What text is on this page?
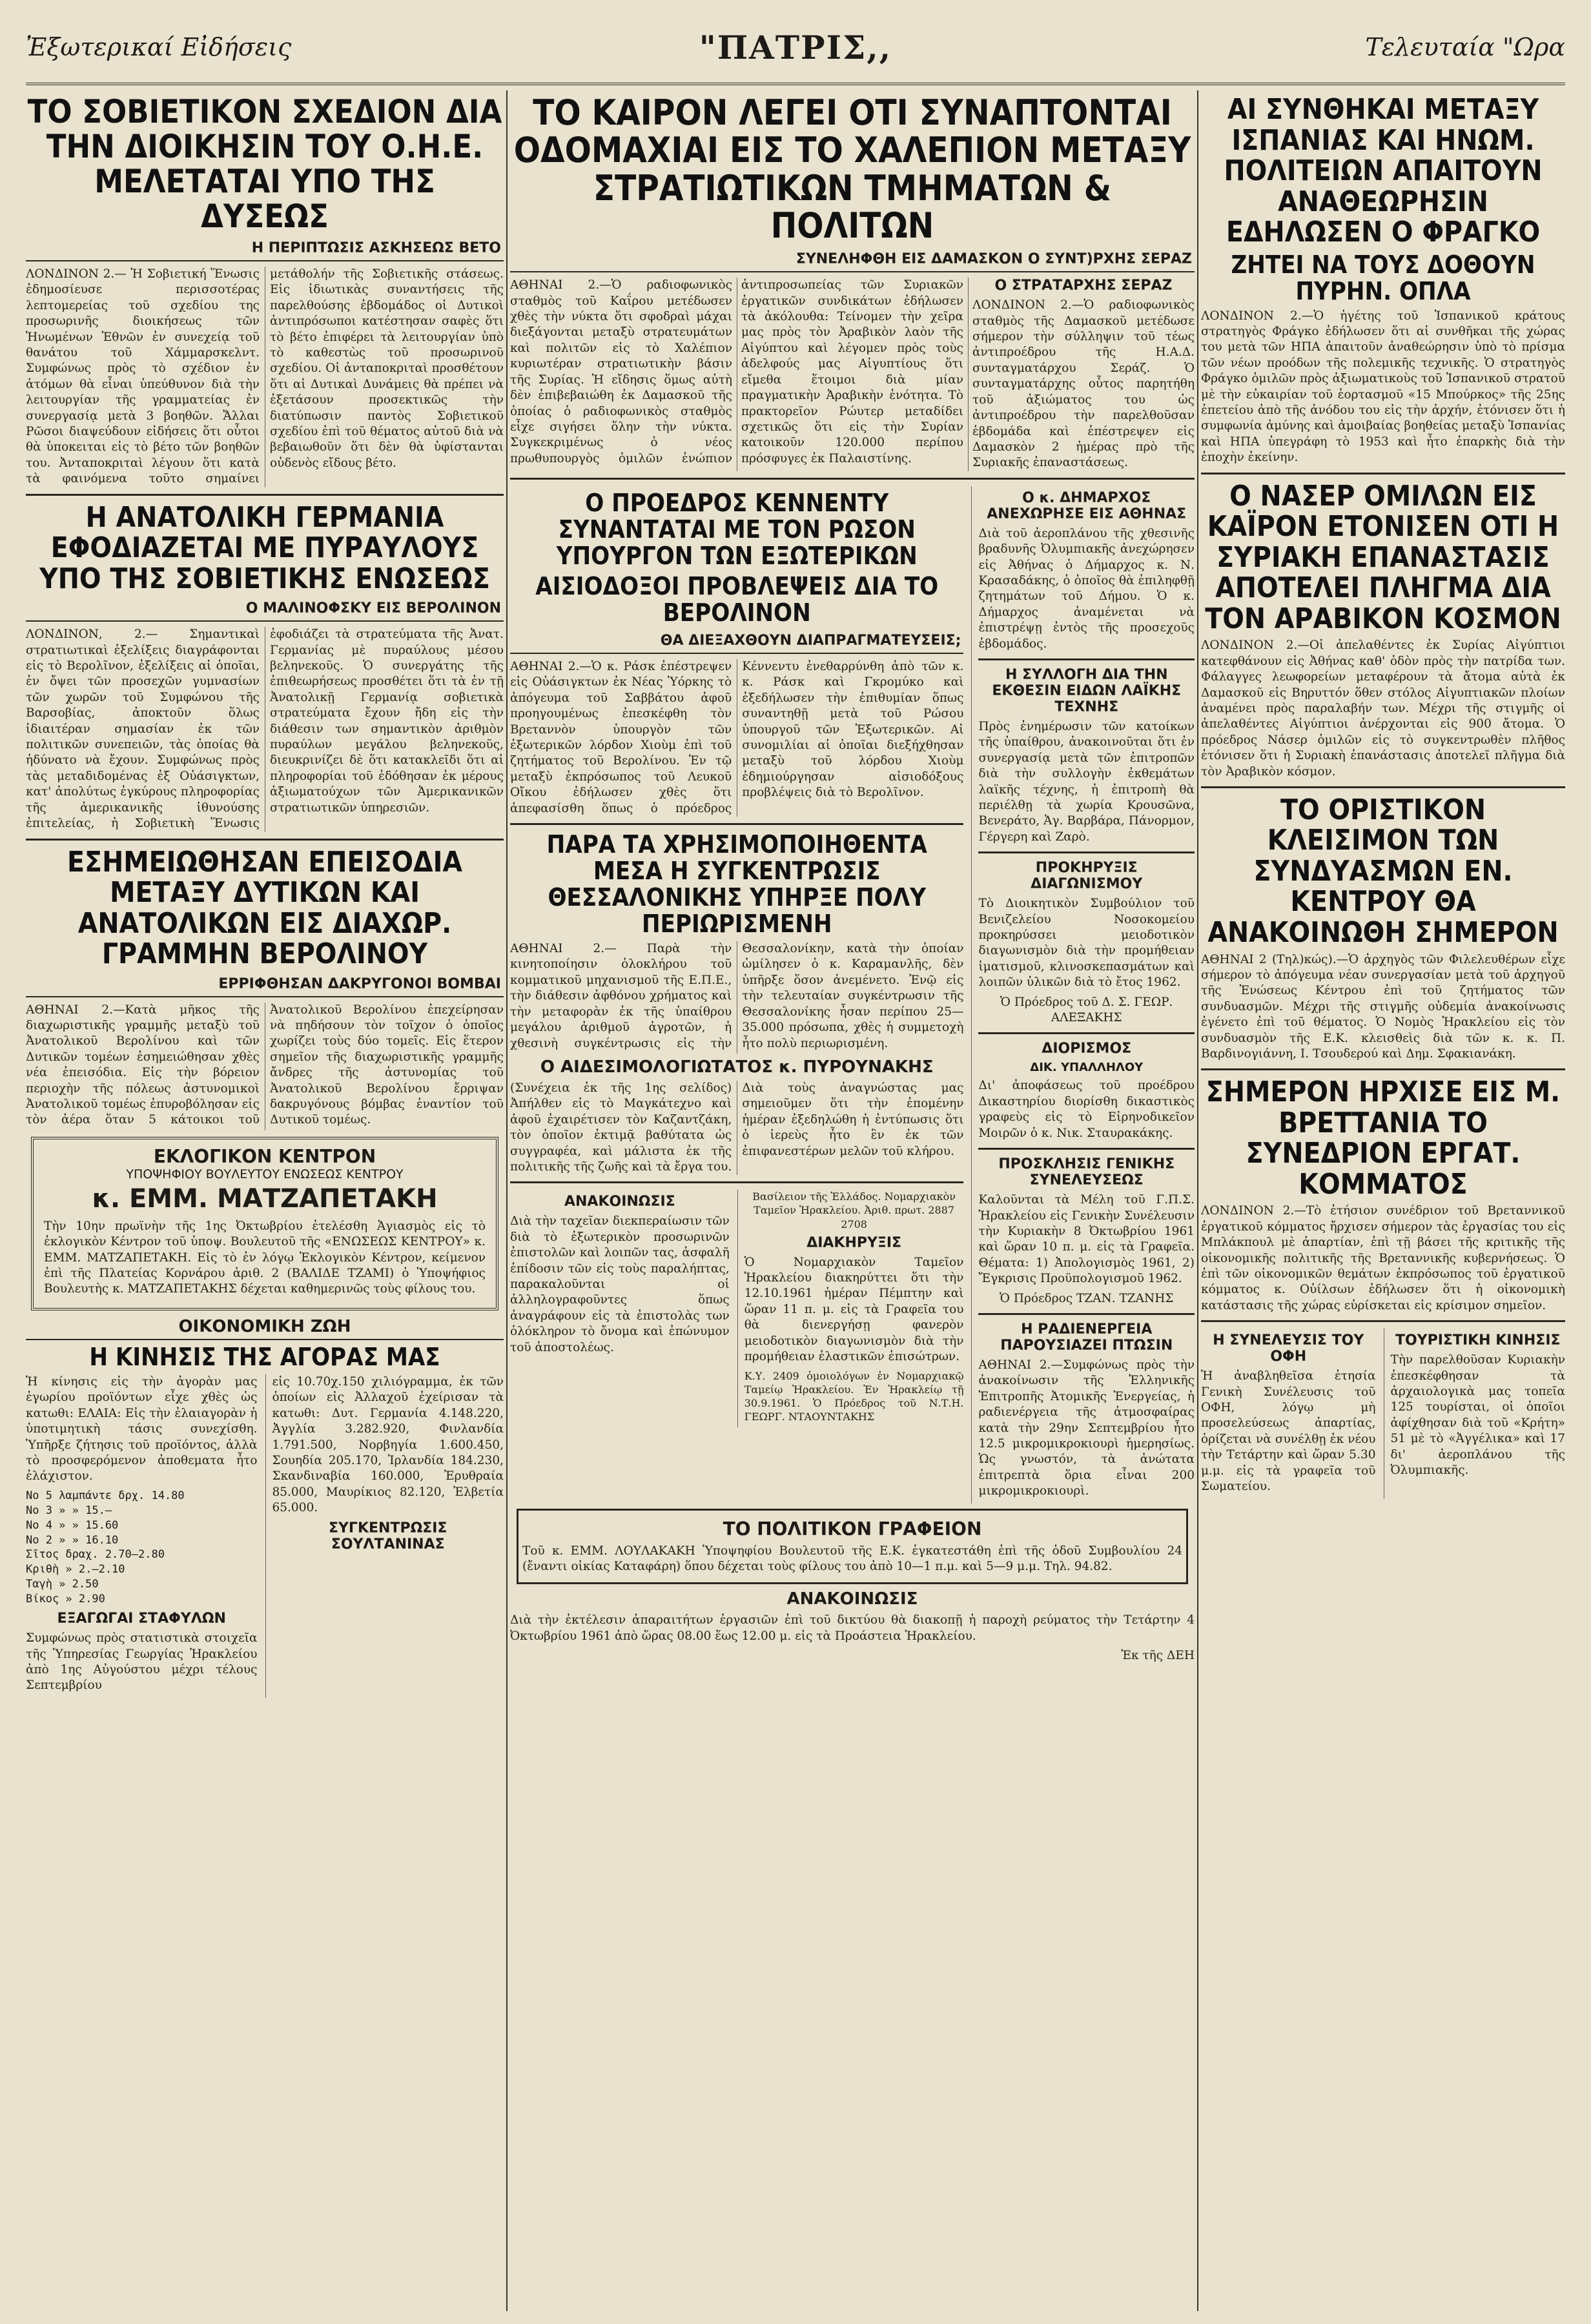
Ἐξωτερικαί Εἰδήσεις	"ΠΑΤΡΙΣ,,	Τελευταία "Ωρα
ΤΟ ΣΟΒΙΕΤΙΚΟΝ ΣΧΕΔΙΟΝ ΔΙΑ ΤΗΝ ΔΙΟΙΚΗΣΙΝ ΤΟΥ Ο.Η.Ε. ΜΕΛΕΤΑΤΑΙ ΥΠΟ ΤΗΣ ΔΥΣΕΩΣ
Η ΠΕΡΙΠΤΩΣΙΣ ΑΣΚΗΣΕΩΣ ΒΕΤΟ

ΛΟΝΔΙΝΟΝ 2.— Ἡ Σοβιετική Ἕνωσις ἐδημοσίευσε περισσοτέρας λεπτομερείας τοῦ σχεδίου της προσωρινῆς διοικήσεως τῶν Ἡνωμένων Ἐθνῶν ἐν συνεχείᾳ τοῦ θανάτου τοῦ Χάμμαρσκελντ. Συμφώνως πρὸς τὸ σχέδιον ἐν ἀτόμων θὰ εἶναι ὑπεύθυνον διὰ τὴν λειτουργίαν τῆς γραμματείας ἐν συνεργασίᾳ μετὰ 3 βοηθῶν. Ἄλλαι Ρῶσοι διαψεύδουν εἰδήσεις ὅτι οὗτοι θὰ ὑποκειται εἰς τὸ βέτο τῶν βοηθῶν του. Ἀνταποκριταὶ λέγουν ὅτι κατὰ τὰ φαινόμενα τοῦτο σημαίνει μετάθολήν τῆς Σοβιετικῆς στάσεως. Εἰς ἰδιωτικὰς συναντήσεις τῆς παρελθούσης ἑβδομάδος οἱ Δυτικοὶ ἀντιπρόσωποι κατέστησαν σαφὲς ὅτι τὸ βέτο ἐπιφέρει τὰ λειτουργίαν ὑπὸ τὸ καθεστὼς τοῦ προσωρινοῦ σχεδίου. Οἱ ἀνταποκριταὶ προσθέτουν ὅτι αἱ Δυτικαὶ Δυνάμεις θὰ πρέπει νὰ ἐξετάσουν προσεκτικῶς τὴν διατύπωσιν παντὸς Σοβιετικοῦ σχεδίου ἐπὶ τοῦ θέματος αὐτοῦ διὰ νὰ βεβαιωθοῦν ὅτι δὲν θὰ ὑφίστανται οὐδενὸς εἴδους βέτο.

Η ΑΝΑΤΟΛΙΚΗ ΓΕΡΜΑΝΙΑ ΕΦΟΔΙΑΖΕΤΑΙ ΜΕ ΠΥΡΑΥΛΟΥΣ ΥΠΟ ΤΗΣ ΣΟΒΙΕΤΙΚΗΣ ΕΝΩΣΕΩΣ
Ο ΜΑΛΙΝΟΦΣΚΥ ΕΙΣ ΒΕΡΟΛΙΝΟΝ

ΛΟΝΔΙΝΟΝ, 2.— Σημαντικαὶ στρατιωτικαὶ ἐξελίξεις διαγράφονται εἰς τὸ Βερολῖνον, ἐξελίξεις αἱ ὁποῖαι, ἐν ὄψει τῶν προσεχῶν γυμνασίων τῶν χωρῶν τοῦ Συμφώνου τῆς Βαρσοβίας, ἀποκτοῦν ὅλως ἰδιαιτέραν σημασίαν ἐκ τῶν πολιτικῶν συνεπειῶν, τὰς ὁποίας θὰ ἠδύνατο νὰ ἔχουν. Συμφώνως πρὸς τὰς μεταδιδομένας ἐξ Οὐάσιγκτων, κατ' ἀπολύτως ἐγκύρους πληροφορίας τῆς ἀμερικανικῆς ἱθυνούσης ἐπιτελείας, ἡ Σοβιετικὴ Ἕνωσις ἐφοδιάζει τὰ στρατεύματα τῆς Ἀνατ. Γερμανίας μὲ πυραύλους μέσου βεληνεκοῦς. Ὁ συνεργάτης τῆς ἐπιθεωρήσεως προσθέτει ὅτι τὰ ἐν τῇ Ἀνατολικῇ Γερμανίᾳ σοβιετικὰ στρατεύματα ἔχουν ἤδη εἰς τὴν διάθεσιν των σημαντικὸν ἀριθμὸν πυραύλων μεγάλου βεληνεκοῦς, διευκρινίζει δὲ ὅτι κατακλεῖδι ὅτι αἱ πληροφορίαι τοῦ ἐδόθησαν ἐκ μέρους ἀξιωματούχων τῶν Ἀμερικανικῶν στρατιωτικῶν ὑπηρεσιῶν.

ΕΣΗΜΕΙΩΘΗΣΑΝ ΕΠΕΙΣΟΔΙΑ ΜΕΤΑΞΥ ΔΥΤΙΚΩΝ ΚΑΙ ΑΝΑΤΟΛΙΚΩΝ ΕΙΣ ΔΙΑΧΩΡ. ΓΡΑΜΜΗΝ ΒΕΡΟΛΙΝΟΥ
ΕΡΡΙΦΘΗΣΑΝ ΔΑΚΡΥΓΟΝΟΙ ΒΟΜΒΑΙ

ΑΘΗΝΑΙ 2.—Κατὰ μῆκος τῆς διαχωριστικῆς γραμμῆς μεταξὺ τοῦ Ἀνατολικοῦ Βερολίνου καὶ τῶν Δυτικῶν τομέων ἐσημειώθησαν χθὲς νέα ἐπεισόδια. Εἰς τὴν βόρειον περιοχὴν τῆς πόλεως ἀστυνομικοὶ Ἀνατολικοῦ τομέως ἐπυροβόλησαν εἰς τὸν ἀέρα ὅταν 5 κάτοικοι τοῦ Ἀνατολικοῦ Βερολίνου ἐπεχείρησαν νὰ πηδήσουν τὸν τοῖχον ὁ ὁποῖος χωρίζει τοὺς δύο τομεῖς. Εἰς ἕτερον σημεῖον τῆς διαχωριστικῆς γραμμῆς ἄνδρες τῆς ἀστυνομίας τοῦ Ἀνατολικοῦ Βερολίνου ἔρριψαν δακρυγόνους βόμβας ἐναντίον τοῦ Δυτικοῦ τομέως.

ΕΚΛΟΓΙΚΟΝ ΚΕΝΤΡΟΝ
ΥΠΟΨΗΦΙΟΥ ΒΟΥΛΕΥΤΟΥ ΕΝΩΣΕΩΣ ΚΕΝΤΡΟΥ
κ. ΕΜΜ. ΜΑΤΖΑΠΕΤΑΚΗ

Τὴν 10ην πρωϊνὴν τῆς 1ης Ὀκτωβρίου ἐτελέσθη Ἁγιασμὸς εἰς τὸ ἐκλογικὸν Κέντρον τοῦ ὑποψ. Βουλευτοῦ τῆς «ΕΝΩΣΕΩΣ ΚΕΝΤΡΟΥ» κ. ΕΜΜ. ΜΑΤΖΑΠΕΤΑΚΗ. Εἰς τὸ ἐν λόγῳ Ἐκλογικὸν Κέντρον, κείμενον ἐπὶ τῆς Πλατείας Κορνάρου ἀριθ. 2 (ΒΑΛΙΔΕ ΤΖΑΜΙ) ὁ Ὑποψήφιος Βουλευτὴς κ. ΜΑΤΖΑΠΕΤΑΚΗΣ δέχεται καθημερινῶς τοὺς φίλους του.

ΟΙΚΟΝΟΜΙΚΗ ΖΩΗ
Η ΚΙΝΗΣΙΣ ΤΗΣ ΑΓΟΡΑΣ ΜΑΣ

Ἡ κίνησις εἰς τὴν ἀγορὰν μας ἐγωρίου προϊόντων εἶχε χθὲς ὡς κατωθι: ΕΛΑΙΑ: Εἰς τὴν ἐλαιαγορὰν ἡ ὑποτιμητικὴ τάσις συνεχίσθη. Ὑπῆρξε ζήτησις τοῦ προϊόντος, ἀλλὰ τὸ προσφερόμενον ἀποθεματα ἦτο ἐλάχιστον.

Νο 5 λαμπάντε δρχ. 14.80
Νο 3 » » 15.—
Νο 4 » » 15.60
Νο 2 » » 16.10
Σῖτος δραχ. 2.70—2.80
Κριθὴ » 2.—2.10
Ταγὴ » 2.50
Βίκος » 2.90
ΕΞΑΓΩΓΑΙ ΣΤΑΦΥΛΩΝ

Συμφώνως πρὸς στατιστικὰ στοιχεῖα τῆς Ὑπηρεσίας Γεωργίας Ἡρακλείου ἀπὸ 1ης Αὐγούστου μέχρι τέλους Σεπτεμβρίου

εἰς 10.70χ.150 χιλιόγραμμα, ἐκ τῶν ὁποίων εἰς Ἀλλαχοῦ ἐχείρισαν τὰ κατωθι: Δυτ. Γερμανία 4.148.220, Ἀγγλία 3.282.920, Φινλανδία 1.791.500, Νορβηγία 1.600.450, Σουηδία 205.170, Ἰρλανδία 184.230, Σκανδιναβία 160.000, Ἐρυθραία 85.000, Μαυρίκιος 82.120, Ἐλβετία 65.000.

ΣΥΓΚΕΝΤΡΩΣΙΣ ΣΟΥΛΤΑΝΙΝΑΣ
ΤΟ ΚΑΙΡΟΝ ΛΕΓΕΙ ΟΤΙ ΣΥΝΑΠΤΟΝΤΑΙ ΟΔΟΜΑΧΙΑΙ ΕΙΣ ΤΟ ΧΑΛΕΠΙΟΝ ΜΕΤΑΞΥ ΣΤΡΑΤΙΩΤΙΚΩΝ ΤΜΗΜΑΤΩΝ & ΠΟΛΙΤΩΝ
ΣΥΝΕΛΗΦΘΗ ΕΙΣ ΔΑΜΑΣΚΟΝ Ο ΣΥΝΤ)ΡΧΗΣ ΣΕΡΑΖ

ΑΘΗΝΑΙ 2.—Ὁ ραδιοφωνικὸς σταθμὸς τοῦ Καΐρου μετέδωσεν χθὲς τὴν νύκτα ὅτι σφοδραὶ μάχαι διεξάγονται μεταξὺ στρατευμάτων καὶ πολιτῶν εἰς τὸ Χαλέπιον κυριωτέραν στρατιωτικὴν βάσιν τῆς Συρίας. Ἡ εἴδησις ὅμως αὐτὴ δὲν ἐπιβεβαιώθη ἐκ Δαμασκοῦ τῆς ὁποίας ὁ ραδιοφωνικὸς σταθμὸς εἶχε σιγήσει ὅλην τὴν νύκτα. Συγκεκριμένως ὁ νέος πρωθυπουργὸς ὁμιλῶν ἐνώπιον ἀντιπροσωπείας τῶν Συριακῶν ἐργατικῶν συνδικάτων ἐδήλωσεν τὰ ἀκόλουθα: Τείνομεν τὴν χεῖρα μας πρὸς τὸν Ἀραβικὸν λαὸν τῆς Αἰγύπτου καὶ λέγομεν πρὸς τοὺς ἀδελφούς μας Αἰγυπτίους ὅτι εἴμεθα ἕτοιμοι διὰ μίαν πραγματικὴν Ἀραβικὴν ἑνότητα. Τὸ πρακτορεῖον Ρώυτερ μεταδίδει σχετικῶς ὅτι εἰς τὴν Συρίαν κατοικοῦν 120.000 περίπου πρόσφυγες ἐκ Παλαιστίνης.

Ο ΣΤΡΑΤΑΡΧΗΣ ΣΕΡΑΖ

ΛΟΝΔΙΝΟΝ 2.—Ὁ ραδιοφωνικὸς σταθμὸς τῆς Δαμασκοῦ μετέδωσε σήμερον τὴν σύλληψιν τοῦ τέως ἀντιπροέδρου τῆς Η.Α.Δ. συνταγματάρχου Σεράζ. Ὁ συνταγματάρχης οὗτος παρητήθη τοῦ ἀξιώματος του ὡς ἀντιπροέδρου τὴν παρελθοῦσαν ἑβδομάδα καὶ ἐπέστρεψεν εἰς Δαμασκὸν 2 ἡμέρας πρὸ τῆς Συριακῆς ἐπαναστάσεως.

Ο ΠΡΟΕΔΡΟΣ ΚΕΝΝΕΝΤΥ ΣΥΝΑΝΤΑΤΑΙ ΜΕ ΤΟΝ ΡΩΣΟΝ ΥΠΟΥΡΓΟΝ ΤΩΝ ΕΞΩΤΕΡΙΚΩΝ
ΑΙΣΙΟΔΟΞΟΙ ΠΡΟΒΛΕΨΕΙΣ ΔΙΑ ΤΟ ΒΕΡΟΛΙΝΟΝ
ΘΑ ΔΙΕΞΑΧΘΟΥΝ ΔΙΑΠΡΑΓΜΑΤΕΥΣΕΙΣ;

ΑΘΗΝΑΙ 2.—Ὁ κ. Ράσκ ἐπέστρεψεν εἰς Οὐάσιγκτων ἐκ Νέας Ὑόρκης τὸ ἀπόγευμα τοῦ Σαββάτου ἀφοῦ προηγουμένως ἐπεσκέφθη τὸν Βρεταννὸν ὑπουργὸν τῶν ἐξωτερικῶν λόρδον Χιοὺμ ἐπὶ τοῦ ζητήματος τοῦ Βερολίνου. Ἐν τῷ μεταξὺ ἐκπρόσωπος τοῦ Λευκοῦ Οἴκου ἐδήλωσεν χθὲς ὅτι ἀπεφασίσθη ὅπως ὁ πρόεδρος Κέννεντυ ἐνεθαρρύνθη ἀπὸ τῶν κ. κ. Ράσκ καὶ Γκρομύκο καὶ ἐξεδήλωσεν τὴν ἐπιθυμίαν ὅπως συναντηθῇ μετὰ τοῦ Ρώσου ὑπουργοῦ τῶν Ἐξωτερικῶν. Αἱ συνομιλίαι αἱ ὁποῖαι διεξήχθησαν μεταξὺ τοῦ λόρδου Χιοὺμ ἐδημιούργησαν αἰσιοδόξους προβλέψεις διὰ τὸ Βερολῖνον.

ΠΑΡΑ ΤΑ ΧΡΗΣΙΜΟΠΟΙΗΘΕΝΤΑ ΜΕΣΑ Η ΣΥΓΚΕΝΤΡΩΣΙΣ ΘΕΣΣΑΛΟΝΙΚΗΣ ΥΠΗΡΞΕ ΠΟΛΥ ΠΕΡΙΩΡΙΣΜΕΝΗ

ΑΘΗΝΑΙ 2.— Παρὰ τὴν κινητοποίησιν ὁλοκλήρου τοῦ κομματικοῦ μηχανισμοῦ τῆς Ε.Π.Ε., τὴν διάθεσιν ἀφθόνου χρήματος καὶ τὴν μεταφορὰν ἐκ τῆς ὑπαίθρου μεγάλου ἀριθμοῦ ἀγροτῶν, ἡ χθεσινὴ συγκέντρωσις εἰς τὴν Θεσσαλονίκην, κατὰ τὴν ὁποίαν ὡμίλησεν ὁ κ. Καραμανλῆς, δὲν ὑπῆρξε ὅσον ἀνεμένετο. Ἐνῷ εἰς τὴν τελευταίαν συγκέντρωσιν τῆς Θεσσαλονίκης ἦσαν περίπου 25—35.000 πρόσωπα, χθὲς ἡ συμμετοχὴ ἦτο πολὺ περιωρισμένη.

Ο ΑΙΔΕΣΙΜΟΛΟΓΙΩΤΑΤΟΣ κ. ΠΥΡΟΥΝΑΚΗΣ

(Συνέχεια ἐκ τῆς 1ης σελίδος) Ἀπήλθεν εἰς τὸ Μαγκάτεχνο καὶ ἀφοῦ ἐχαιρέτισεν τὸν Καζαντζάκη, τὸν ὁποῖον ἐκτιμᾷ βαθύτατα ὡς συγγραφέα, καὶ μάλιστα ἐκ τῆς πολιτικῆς τῆς ζωῆς καὶ τὰ ἔργα του. Διὰ τοὺς ἀναγνώστας μας σημειοῦμεν ὅτι τὴν ἐπομένην ἡμέραν ἐξεδηλώθη ἡ ἐντύπωσις ὅτι ὁ ἱερεὺς ἦτο ἓν ἐκ τῶν ἐπιφανεστέρων μελῶν τοῦ κλήρου.

ΑΝΑΚΟΙΝΩΣΙΣ

Διὰ τὴν ταχεῖαν διεκπεραίωσιν τῶν διὰ τὸ ἐξωτερικὸν προσωρινῶν ἐπιστολῶν καὶ λοιπῶν τας, ἀσφαλῆ ἐπίδοσιν τῶν εἰς τοὺς παραλήπτας, παρακαλοῦνται οἱ ἀλληλογραφοῦντες ὅπως ἀναγράφουν εἰς τὰ ἐπιστολὰς των ὁλόκληρον τὸ ὄνομα καὶ ἐπώνυμον τοῦ ἀποστολέως.

Βασίλειον τῆς Ἑλλάδος. Νομαρχιακὸν Ταμεῖον Ἡρακλείου. Ἀριθ. πρωτ. 2887 2708

ΔΙΑΚΗΡΥΞΙΣ

Ὁ Νομαρχιακὸν Ταμεῖον Ἡρακλείου διακηρύττει ὅτι τὴν 12.10.1961 ἡμέραν Πέμπτην καὶ ὥραν 11 π. μ. εἰς τὰ Γραφεῖα του θὰ διενεργήσῃ φανερὸν μειοδοτικὸν διαγωνισμὸν διὰ τὴν προμήθειαν ἐλαστικῶν ἐπισώτρων.

Κ.Υ. 2409 ὁμοιολόγων ἐν Νομαρχιακῷ Ταμείῳ Ἡρακλείου. Ἐν Ἡρακλείῳ τῇ 30.9.1961. Ὁ Πρόεδρος τοῦ Ν.Τ.Η. ΓΕΩΡΓ. ΝΤΑΟΥΝΤΑΚΗΣ

Ο κ. ΔΗΜΑΡΧΟΣ ΑΝΕΧΩΡΗΣΕ ΕΙΣ ΑΘΗΝΑΣ

Διὰ τοῦ ἀεροπλάνου τῆς χθεσινῆς βραδυνῆς Ὀλυμπιακῆς ἀνεχώρησεν εἰς Ἀθήνας ὁ Δήμαρχος κ. Ν. Κρασαδάκης, ὁ ὁποῖος θὰ ἐπιληφθῇ ζητημάτων τοῦ Δήμου. Ὁ κ. Δήμαρχος ἀναμένεται νὰ ἐπιστρέψῃ ἐντὸς τῆς προσεχοῦς ἑβδομάδος.

Η ΣΥΛΛΟΓΗ ΔΙΑ ΤΗΝ ΕΚΘΕΣΙΝ ΕΙΔΩΝ ΛΑΪΚΗΣ ΤΕΧΝΗΣ

Πρὸς ἐνημέρωσιν τῶν κατοίκων τῆς ὑπαίθρου, ἀνακοινοῦται ὅτι ἐν συνεργασίᾳ μετὰ τῶν ἐπιτροπῶν διὰ τὴν συλλογὴν ἐκθεμάτων λαϊκῆς τέχνης, ἡ ἐπιτροπὴ θὰ περιέλθῃ τὰ χωρία Κρουσῶνα, Βενεράτο, Ἁγ. Βαρβάρα, Πάνορμον, Γέργερη καὶ Ζαρὸ.

ΠΡΟΚΗΡΥΞΙΣ ΔΙΑΓΩΝΙΣΜΟΥ

Τὸ Διοικητικὸν Συμβούλιον τοῦ Βενιζελείου Νοσοκομείου προκηρύσσει μειοδοτικὸν διαγωνισμὸν διὰ τὴν προμήθειαν ἱματισμοῦ, κλινοσκεπασμάτων καὶ λοιπῶν ὑλικῶν διὰ τὸ ἔτος 1962.

Ὁ Πρόεδρος τοῦ Δ. Σ. ΓΕΩΡ. ΑΛΕΞΑΚΗΣ

ΔΙΟΡΙΣΜΟΣ
ΔΙΚ. ΥΠΑΛΛΗΛΟΥ

Δι' ἀποφάσεως τοῦ προέδρου Δικαστηρίου διορίσθη δικαστικὸς γραφεὺς εἰς τὸ Εἰρηνοδικεῖον Μοιρῶν ὁ κ. Νικ. Σταυρακάκης.

ΠΡΟΣΚΛΗΣΙΣ ΓΕΝΙΚΗΣ ΣΥΝΕΛΕΥΣΕΩΣ

Καλοῦνται τὰ Μέλη τοῦ Γ.Π.Σ. Ἡρακλείου εἰς Γενικὴν Συνέλευσιν τὴν Κυριακὴν 8 Ὀκτωβρίου 1961 καὶ ὥραν 10 π. μ. εἰς τὰ Γραφεῖα. Θέματα: 1) Ἀπολογισμὸς 1961, 2) Ἔγκρισις Προϋπολογισμοῦ 1962.

Ὁ Πρόεδρος ΤΖΑΝ. ΤΖΑΝΗΣ

Η ΡΑΔΙΕΝΕΡΓΕΙΑ ΠΑΡΟΥΣΙΑΖΕΙ ΠΤΩΣΙΝ

ΑΘΗΝΑΙ 2.—Συμφώνως πρὸς τὴν ἀνακοίνωσιν τῆς Ἑλληνικῆς Ἐπιτροπῆς Ἀτομικῆς Ἐνεργείας, ἡ ραδιενέργεια τῆς ἀτμοσφαίρας κατὰ τὴν 29ην Σεπτεμβρίου ἦτο 12.5 μικρομικροκιουρὶ ἡμερησίως. Ὡς γνωστόν, τὰ ἀνώτατα ἐπιτρεπτὰ ὅρια εἶναι 200 μικρομικροκιουρὶ.

ΤΟ ΠΟΛΙΤΙΚΟΝ ΓΡΑΦΕΙΟΝ

Τοῦ κ. ΕΜΜ. ΛΟΥΛΑΚΑΚΗ Ὑποψηφίου Βουλευτοῦ τῆς Ε.Κ. ἐγκατεστάθη ἐπὶ τῆς ὁδοῦ Συμβουλίου 24 (ἔναντι οἰκίας Καταφάρη) ὅπου δέχεται τοὺς φίλους του ἀπὸ 10—1 π.μ. καὶ 5—9 μ.μ. Τηλ. 94.82.

ΑΝΑΚΟΙΝΩΣΙΣ

Διὰ τὴν ἐκτέλεσιν ἀπαραιτήτων ἐργασιῶν ἐπὶ τοῦ δικτύου θὰ διακοπῇ ἡ παροχὴ ρεύματος τὴν Τετάρτην 4 Ὀκτωβρίου 1961 ἀπὸ ὥρας 08.00 ἕως 12.00 μ. εἰς τὰ Προάστεια Ἡρακλείου.

Ἐκ τῆς ΔΕΗ

ΑΙ ΣΥΝΘΗΚΑΙ ΜΕΤΑΞΥ ΙΣΠΑΝΙΑΣ ΚΑΙ ΗΝΩΜ. ΠΟΛΙΤΕΙΩΝ ΑΠΑΙΤΟΥΝ ΑΝΑΘΕΩΡΗΣΙΝ ΕΔΗΛΩΣΕΝ Ο ΦΡΑΓΚΟ
ΖΗΤΕΙ ΝΑ ΤΟΥΣ ΔΟΘΟΥΝ ΠΥΡΗΝ. ΟΠΛΑ

ΛΟΝΔΙΝΟΝ 2.—Ὁ ἡγέτης τοῦ Ἱσπανικοῦ κράτους στρατηγὸς Φράγκο ἐδήλωσεν ὅτι αἱ συνθῆκαι τῆς χώρας του μετὰ τῶν ΗΠΑ ἀπαιτοῦν ἀναθεώρησιν ὑπὸ τὸ πρίσμα τῶν νέων προόδων τῆς πολεμικῆς τεχνικῆς. Ὁ στρατηγὸς Φράγκο ὁμιλῶν πρὸς ἀξιωματικοὺς τοῦ Ἱσπανικοῦ στρατοῦ μὲ τὴν εὐκαιρίαν τοῦ ἑορτασμοῦ «15 Μπούρκος» τῆς 25ης ἐπετείου ἀπὸ τῆς ἀνόδου του εἰς τὴν ἀρχήν, ἐτόνισεν ὅτι ἡ συμφωνία ἀμύνης καὶ ἀμοιβαίας βοηθείας μεταξὺ Ἱσπανίας καὶ ΗΠΑ ὑπεγράφη τὸ 1953 καὶ ἦτο ἐπαρκὴς διὰ τὴν ἐποχὴν ἐκείνην.

Ο ΝΑΣΕΡ ΟΜΙΛΩΝ ΕΙΣ ΚΑΪΡΟΝ ΕΤΟΝΙΣΕΝ ΟΤΙ Η ΣΥΡΙΑΚΗ ΕΠΑΝΑΣΤΑΣΙΣ ΑΠΟΤΕΛΕΙ ΠΛΗΓΜΑ ΔΙΑ ΤΟΝ ΑΡΑΒΙΚΟΝ ΚΟΣΜΟΝ

ΛΟΝΔΙΝΟΝ 2.—Οἱ ἀπελαθέντες ἐκ Συρίας Αἰγύπτιοι κατεφθάνουν εἰς Ἀθήνας καθ' ὁδὸν πρὸς τὴν πατρίδα των. Φάλαγγες λεωφορείων μεταφέρουν τὰ ἄτομα αὐτὰ ἐκ Δαμασκοῦ εἰς Βηρυττόν ὅθεν στόλος Αἰγυπτιακῶν πλοίων ἀναμένει πρὸς παραλαβήν των. Μέχρι τῆς στιγμῆς οἱ ἀπελαθέντες Αἰγύπτιοι ἀνέρχονται εἰς 900 ἄτομα. Ὁ πρόεδρος Νάσερ ὁμιλῶν εἰς τὸ συγκεντρωθὲν πλῆθος ἐτόνισεν ὅτι ἡ Συριακὴ ἐπανάστασις ἀποτελεῖ πλῆγμα διὰ τὸν Ἀραβικὸν κόσμον.

ΤΟ ΟΡΙΣΤΙΚΟΝ ΚΛΕΙΣΙΜΟΝ ΤΩΝ ΣΥΝΔΥΑΣΜΩΝ ΕΝ. ΚΕΝΤΡΟΥ ΘΑ ΑΝΑΚΟΙΝΩΘΗ ΣΗΜΕΡΟΝ

ΑΘΗΝΑΙ 2 (Τηλ)κώς).—Ὁ ἀρχηγὸς τῶν Φιλελευθέρων εἶχε σήμερον τὸ ἀπόγευμα νέαν συνεργασίαν μετὰ τοῦ ἀρχηγοῦ τῆς Ἑνώσεως Κέντρου ἐπὶ τοῦ ζητήματος τῶν συνδυασμῶν. Μέχρι τῆς στιγμῆς οὐδεμία ἀνακοίνωσις ἐγένετο ἐπὶ τοῦ θέματος. Ὁ Νομὸς Ἡρακλείου εἰς τὸν συνδυασμὸν τῆς Ε.Κ. κλεισθεὶς διὰ τῶν κ. κ. Π. Βαρδινογιάννη, Ι. Τσουδερού καὶ Δημ. Σφακιανάκη.

ΣΗΜΕΡΟΝ ΗΡΧΙΣΕ ΕΙΣ Μ. ΒΡΕΤΤΑΝΙΑ ΤΟ ΣΥΝΕΔΡΙΟΝ ΕΡΓΑΤ. ΚΟΜΜΑΤΟΣ

ΛΟΝΔΙΝΟΝ 2.—Τὸ ἐτήσιον συνέδριον τοῦ Βρεταννικοῦ ἐργατικοῦ κόμματος ἤρχισεν σήμερον τὰς ἐργασίας του εἰς Μπλάκπουλ μὲ ἀπαρτίαν, ἐπὶ τῇ βάσει τῆς κριτικῆς τῆς οἰκονομικῆς πολιτικῆς τῆς Βρεταννικῆς κυβερνήσεως. Ὁ ἐπὶ τῶν οἰκονομικῶν θεμάτων ἐκπρόσωπος τοῦ ἐργατικοῦ κόμματος κ. Οὐίλσων ἐδήλωσεν ὅτι ἡ οἰκονομικὴ κατάστασις τῆς χώρας εὑρίσκεται εἰς κρίσιμον σημεῖον.

Η ΣΥΝΕΛΕΥΣΙΣ ΤΟΥ ΟΦΗ

Ἡ ἀναβληθεῖσα ἐτησία Γενικὴ Συνέλευσις τοῦ ΟΦΗ, λόγῳ μὴ προσελεύσεως ἀπαρτίας, ὁρίζεται νὰ συνέλθῃ ἐκ νέου τὴν Τετάρτην καὶ ὥραν 5.30 μ.μ. εἰς τὰ γραφεῖα τοῦ Σωματείου.

ΤΟΥΡΙΣΤΙΚΗ ΚΙΝΗΣΙΣ

Τὴν παρελθοῦσαν Κυριακὴν ἐπεσκέφθησαν τὰ ἀρχαιολογικὰ μας τοπεῖα 125 τουρίσται, οἱ ὁποῖοι ἀφίχθησαν διὰ τοῦ «Κρήτη» 51 μὲ τὸ «Ἀγγέλικα» καὶ 17 δι' ἀεροπλάνου τῆς Ὀλυμπιακῆς.
